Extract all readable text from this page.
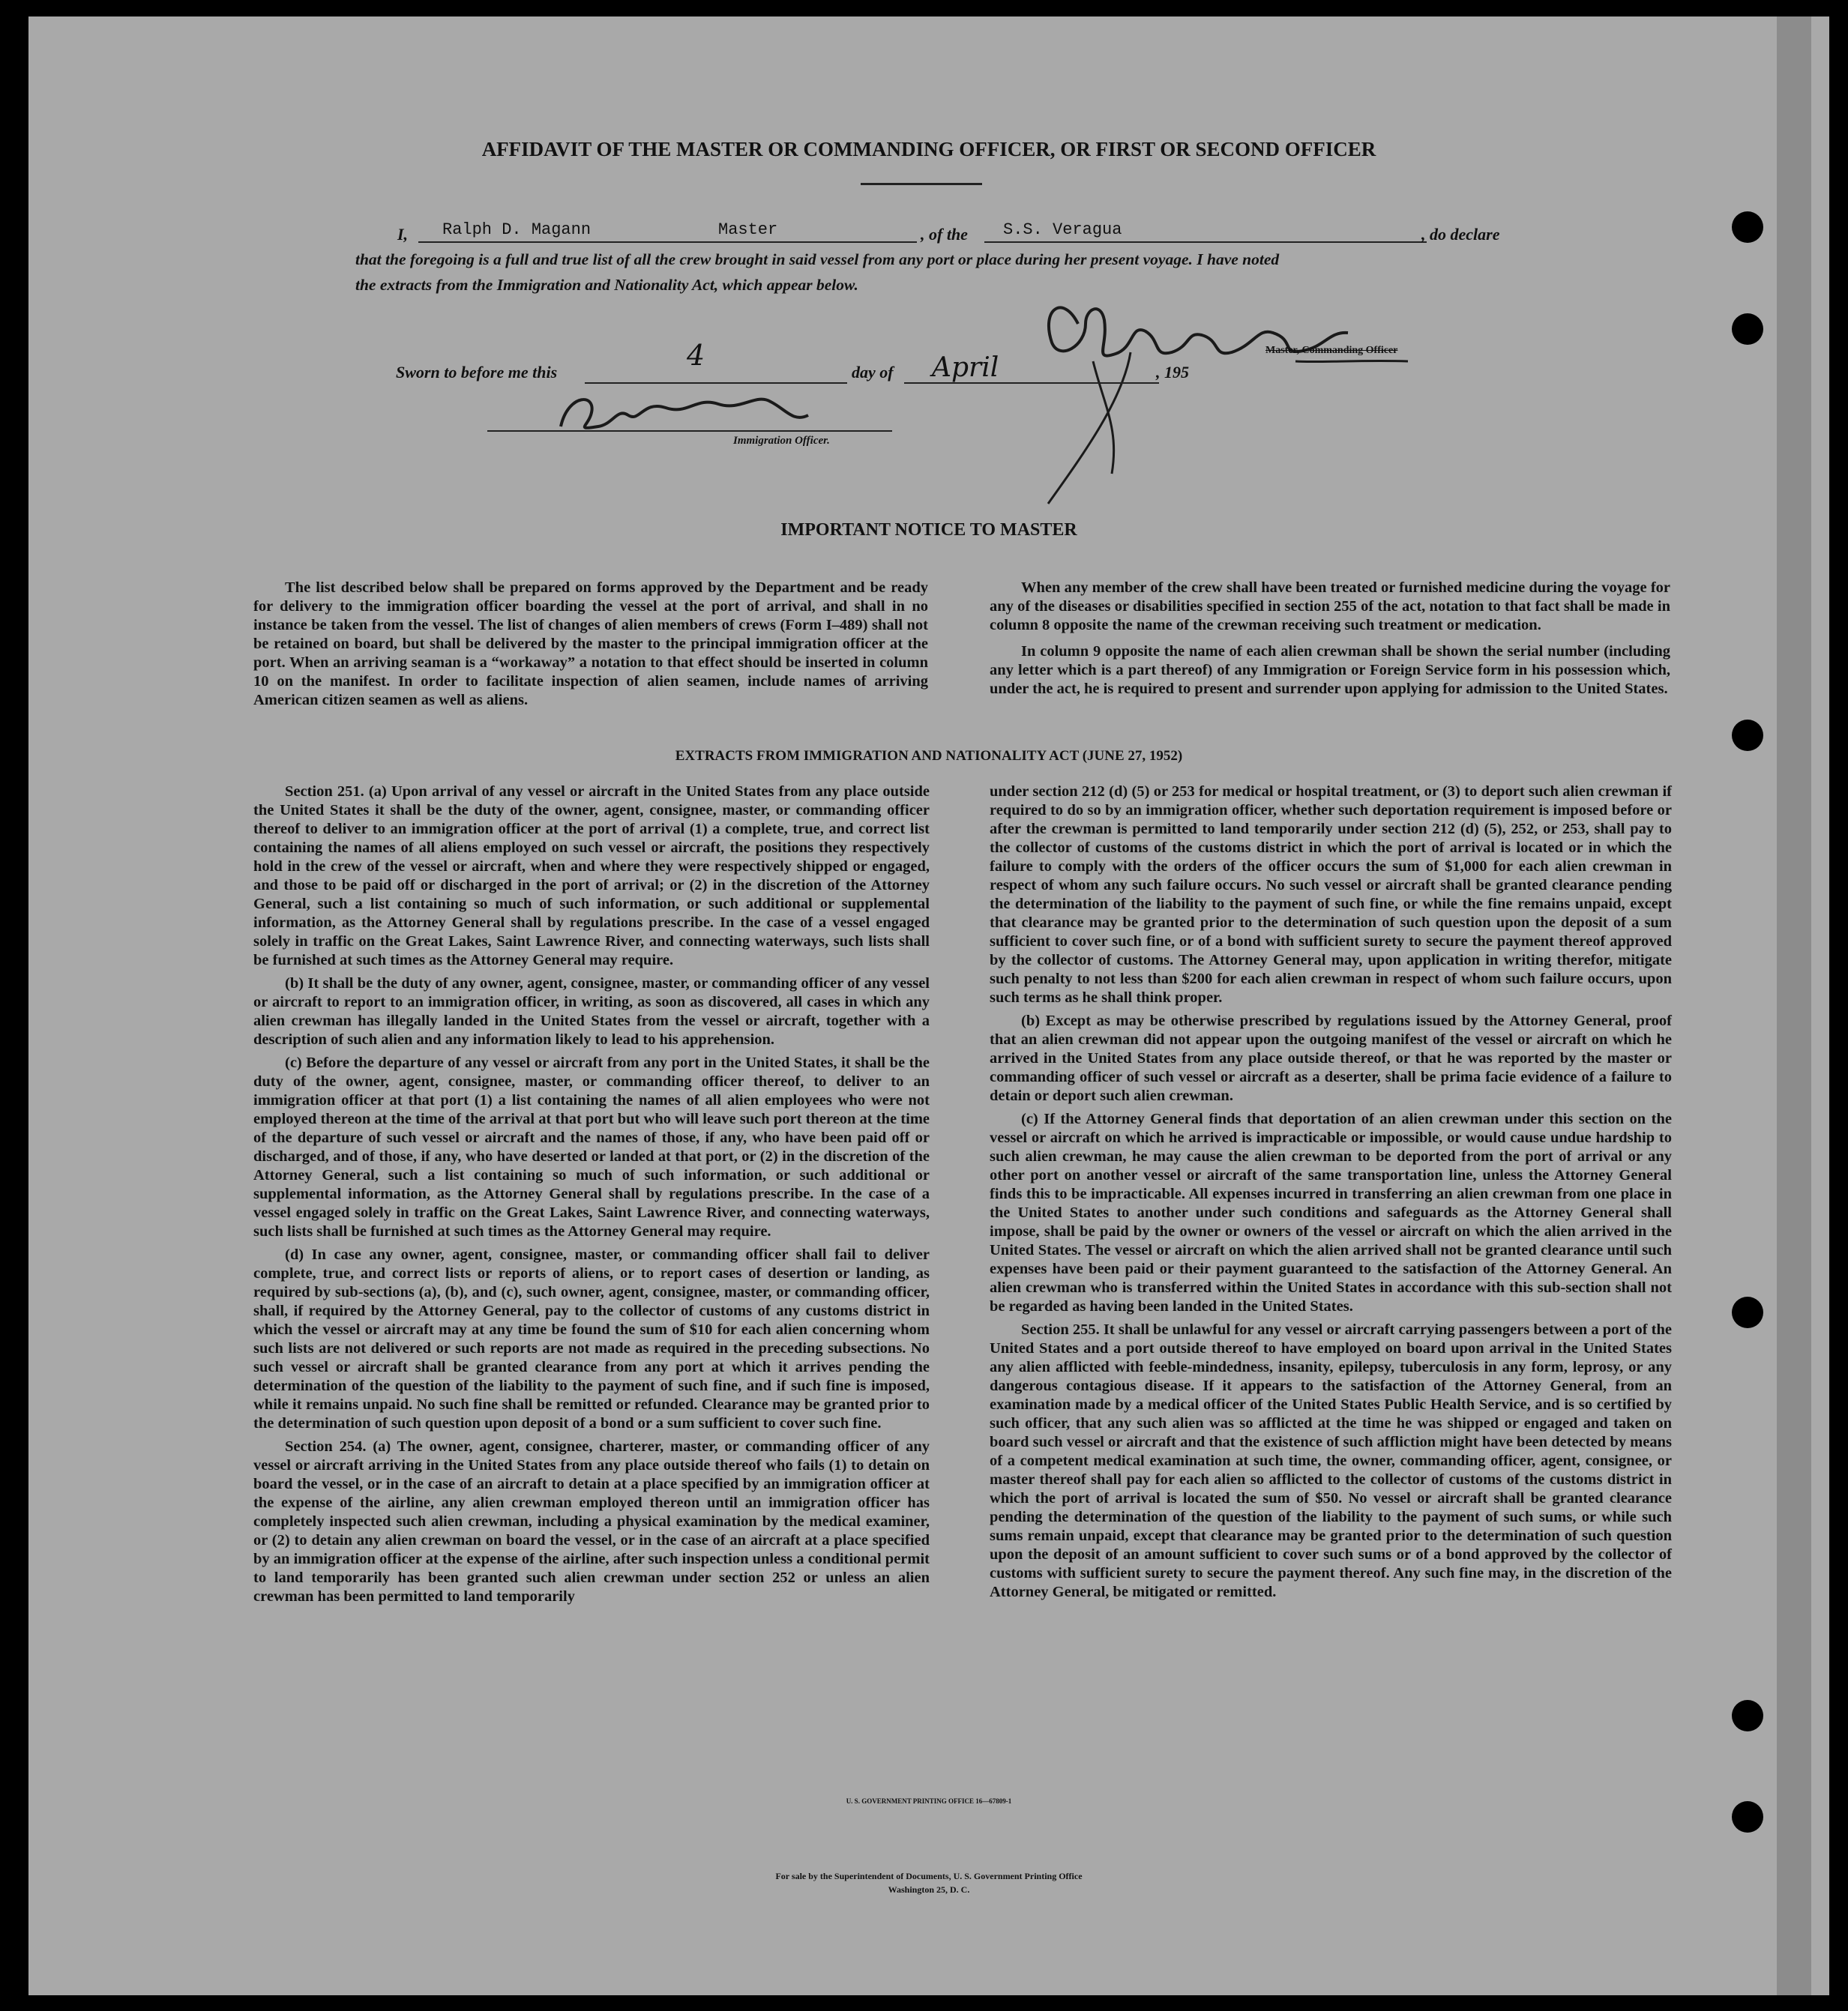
AFFIDAVIT OF THE MASTER OR COMMANDING OFFICER, OR FIRST OR SECOND OFFICER
I, Ralph D. Magann	Master	, of the S.S. Veragua	, do declare
that the foregoing is a full and true list of all the crew brought in said vessel from any port or place during her present voyage. I have noted
the extracts from the Immigration and Nationality Act, which appear below.
Master, Commanding Officer
Sworn to before me this
4
day of April	, 195
Immigration Officer.
IMPORTANT NOTICE TO MASTER

The list described below shall be prepared on forms approved by the Department and be ready for delivery to the immigration officer boarding the vessel at the port of arrival, and shall in no instance be taken from the vessel. The list of changes of alien members of crews (Form I–489) shall not be retained on board, but shall be delivered by the master to the principal immigration officer at the port. When an arriving seaman is a “workaway” a notation to that effect should be inserted in column 10 on the manifest. In order to facilitate inspection of alien seamen, include names of arriving American citizen seamen as well as aliens.

When any member of the crew shall have been treated or furnished medicine during the voyage for any of the diseases or disabilities specified in section 255 of the act, notation to that fact shall be made in column 8 opposite the name of the crewman receiving such treatment or medication.

In column 9 opposite the name of each alien crewman shall be shown the serial number (including any letter which is a part thereof) of any Immigration or Foreign Service form in his possession which, under the act, he is required to present and surrender upon applying for admission to the United States.

EXTRACTS FROM IMMIGRATION AND NATIONALITY ACT (JUNE 27, 1952)

Section 251. (a) Upon arrival of any vessel or aircraft in the United States from any place outside the United States it shall be the duty of the owner, agent, consignee, master, or commanding officer thereof to deliver to an immigration officer at the port of arrival (1) a complete, true, and correct list containing the names of all aliens employed on such vessel or aircraft, the positions they respectively hold in the crew of the vessel or aircraft, when and where they were respectively shipped or engaged, and those to be paid off or discharged in the port of arrival; or (2) in the discretion of the Attorney General, such a list containing so much of such information, or such additional or supplemental information, as the Attorney General shall by regulations prescribe. In the case of a vessel engaged solely in traffic on the Great Lakes, Saint Lawrence River, and connecting waterways, such lists shall be furnished at such times as the Attorney General may require.

(b) It shall be the duty of any owner, agent, consignee, master, or commanding officer of any vessel or aircraft to report to an immigration officer, in writing, as soon as discovered, all cases in which any alien crewman has illegally landed in the United States from the vessel or aircraft, together with a description of such alien and any information likely to lead to his apprehension.

(c) Before the departure of any vessel or aircraft from any port in the United States, it shall be the duty of the owner, agent, consignee, master, or commanding officer thereof, to deliver to an immigration officer at that port (1) a list containing the names of all alien employees who were not employed thereon at the time of the arrival at that port but who will leave such port thereon at the time of the departure of such vessel or aircraft and the names of those, if any, who have been paid off or discharged, and of those, if any, who have deserted or landed at that port, or (2) in the discretion of the Attorney General, such a list containing so much of such information, or such additional or supplemental information, as the Attorney General shall by regulations prescribe. In the case of a vessel engaged solely in traffic on the Great Lakes, Saint Lawrence River, and connecting waterways, such lists shall be furnished at such times as the Attorney General may require.

(d) In case any owner, agent, consignee, master, or commanding officer shall fail to deliver complete, true, and correct lists or reports of aliens, or to report cases of desertion or landing, as required by sub-sections (a), (b), and (c), such owner, agent, consignee, master, or commanding officer, shall, if required by the Attorney General, pay to the collector of customs of any customs district in which the vessel or aircraft may at any time be found the sum of $10 for each alien concerning whom such lists are not delivered or such reports are not made as required in the preceding subsections. No such vessel or aircraft shall be granted clearance from any port at which it arrives pending the determination of the question of the liability to the payment of such fine, and if such fine is imposed, while it remains unpaid. No such fine shall be remitted or refunded. Clearance may be granted prior to the determination of such question upon deposit of a bond or a sum sufficient to cover such fine.

Section 254. (a) The owner, agent, consignee, charterer, master, or commanding officer of any vessel or aircraft arriving in the United States from any place outside thereof who fails (1) to detain on board the vessel, or in the case of an aircraft to detain at a place specified by an immigration officer at the expense of the airline, any alien crewman employed thereon until an immigration officer has completely inspected such alien crewman, including a physical examination by the medical examiner, or (2) to detain any alien crewman on board the vessel, or in the case of an aircraft at a place specified by an immigration officer at the expense of the airline, after such inspection unless a conditional permit to land temporarily has been granted such alien crewman under section 252 or unless an alien crewman has been permitted to land temporarily

under section 212 (d) (5) or 253 for medical or hospital treatment, or (3) to deport such alien crewman if required to do so by an immigration officer, whether such deportation requirement is imposed before or after the crewman is permitted to land temporarily under section 212 (d) (5), 252, or 253, shall pay to the collector of customs of the customs district in which the port of arrival is located or in which the failure to comply with the orders of the officer occurs the sum of $1,000 for each alien crewman in respect of whom any such failure occurs. No such vessel or aircraft shall be granted clearance pending the determination of the liability to the payment of such fine, or while the fine remains unpaid, except that clearance may be granted prior to the determination of such question upon the deposit of a sum sufficient to cover such fine, or of a bond with sufficient surety to secure the payment thereof approved by the collector of customs. The Attorney General may, upon application in writing therefor, mitigate such penalty to not less than $200 for each alien crewman in respect of whom such failure occurs, upon such terms as he shall think proper.

(b) Except as may be otherwise prescribed by regulations issued by the Attorney General, proof that an alien crewman did not appear upon the outgoing manifest of the vessel or aircraft on which he arrived in the United States from any place outside thereof, or that he was reported by the master or commanding officer of such vessel or aircraft as a deserter, shall be prima facie evidence of a failure to detain or deport such alien crewman.

(c) If the Attorney General finds that deportation of an alien crewman under this section on the vessel or aircraft on which he arrived is impracticable or impossible, or would cause undue hardship to such alien crewman, he may cause the alien crewman to be deported from the port of arrival or any other port on another vessel or aircraft of the same transportation line, unless the Attorney General finds this to be impracticable. All expenses incurred in transferring an alien crewman from one place in the United States to another under such conditions and safeguards as the Attorney General shall impose, shall be paid by the owner or owners of the vessel or aircraft on which the alien arrived in the United States. The vessel or aircraft on which the alien arrived shall not be granted clearance until such expenses have been paid or their payment guaranteed to the satisfaction of the Attorney General. An alien crewman who is transferred within the United States in accordance with this sub-section shall not be regarded as having been landed in the United States.

Section 255. It shall be unlawful for any vessel or aircraft carrying passengers between a port of the United States and a port outside thereof to have employed on board upon arrival in the United States any alien afflicted with feeble-mindedness, insanity, epilepsy, tuberculosis in any form, leprosy, or any dangerous contagious disease. If it appears to the satisfaction of the Attorney General, from an examination made by a medical officer of the United States Public Health Service, and is so certified by such officer, that any such alien was so afflicted at the time he was shipped or engaged and taken on board such vessel or aircraft and that the existence of such affliction might have been detected by means of a competent medical examination at such time, the owner, commanding officer, agent, consignee, or master thereof shall pay for each alien so afflicted to the collector of customs of the customs district in which the port of arrival is located the sum of $50. No vessel or aircraft shall be granted clearance pending the determination of the question of the liability to the payment of such sums, or while such sums remain unpaid, except that clearance may be granted prior to the determination of such question upon the deposit of an amount sufficient to cover such sums or of a bond approved by the collector of customs with sufficient surety to secure the payment thereof. Any such fine may, in the discretion of the Attorney General, be mitigated or remitted.

U. S. GOVERNMENT PRINTING OFFICE 16—67809-1
For sale by the Superintendent of Documents, U. S. Government Printing Office
Washington 25, D. C.
